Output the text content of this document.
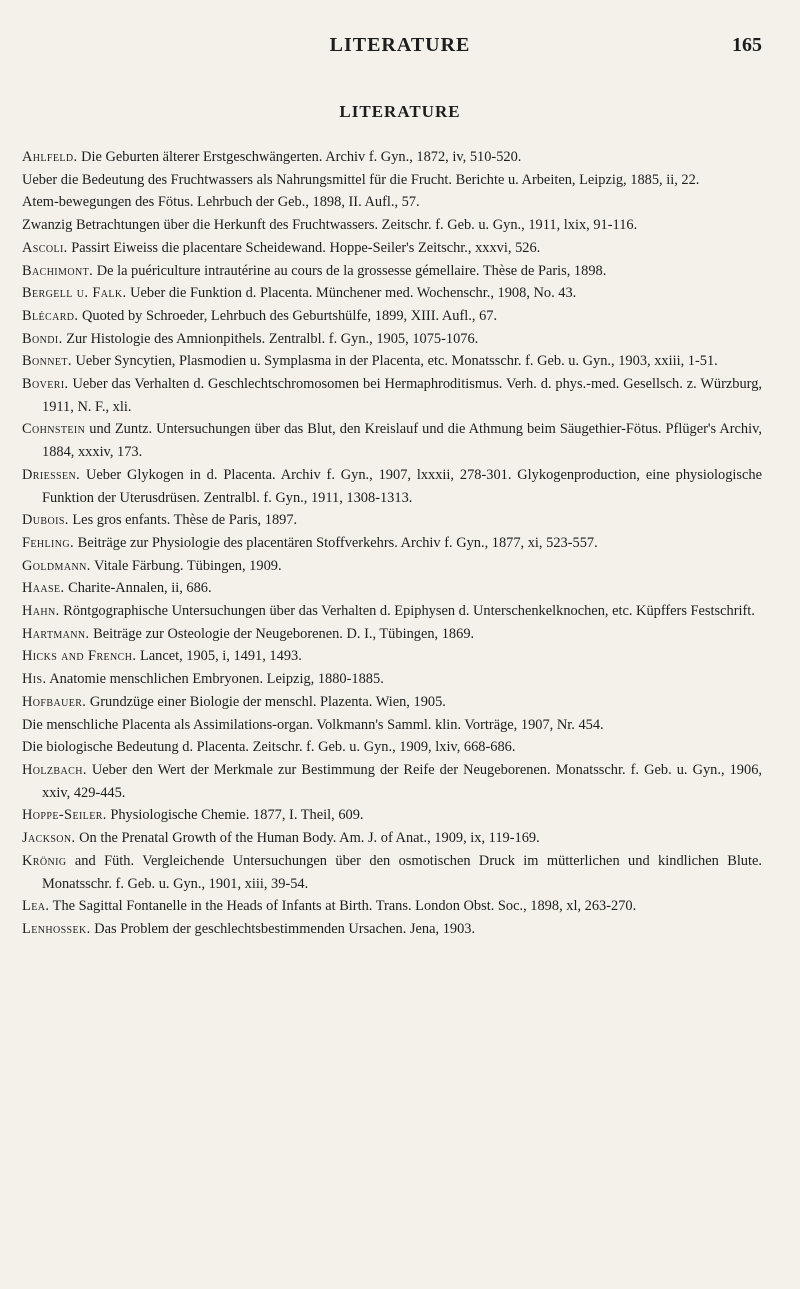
LITERATURE	165
LITERATURE
Ahlfeld. Die Geburten älterer Erstgeschwängerten. Archiv f. Gyn., 1872, iv, 510-520.
Ueber die Bedeutung des Fruchtwassers als Nahrungsmittel für die Frucht. Berichte u. Arbeiten, Leipzig, 1885, ii, 22.
Atem-bewegungen des Fötus. Lehrbuch der Geb., 1898, II. Aufl., 57.
Zwanzig Betrachtungen über die Herkunft des Fruchtwassers. Zeitschr. f. Geb. u. Gyn., 1911, lxix, 91-116.
Ascoli. Passirt Eiweiss die placentare Scheidewand. Hoppe-Seiler's Zeitschr., xxxvi, 526.
Bachimont. De la puériculture intrautérine au cours de la grossesse gémellaire. Thèse de Paris, 1898.
Bergell u. Falk. Ueber die Funktion d. Placenta. Münchener med. Wochenschr., 1908, No. 43.
Blécard. Quoted by Schroeder, Lehrbuch des Geburtshülfe, 1899, XIII. Aufl., 67.
Bondi. Zur Histologie des Amnionpithels. Zentralbl. f. Gyn., 1905, 1075-1076.
Bonnet. Ueber Syncytien, Plasmodien u. Symplasma in der Placenta, etc. Monatsschr. f. Geb. u. Gyn., 1903, xxiii, 1-51.
Boveri. Ueber das Verhalten d. Geschlechtschromosomen bei Hermaphroditismus. Verh. d. phys.-med. Gesellsch. z. Würzburg, 1911, N. F., xli.
Cohnstein und Zuntz. Untersuchungen über das Blut, den Kreislauf und die Athmung beim Säugethier-Fötus. Pflüger's Archiv, 1884, xxxiv, 173.
Driessen. Ueber Glykogen in d. Placenta. Archiv f. Gyn., 1907, lxxxii, 278-301. Glykogenproduction, eine physiologische Funktion der Uterusdrüsen. Zentralbl. f. Gyn., 1911, 1308-1313.
Dubois. Les gros enfants. Thèse de Paris, 1897.
Fehling. Beiträge zur Physiologie des placentären Stoffverkehrs. Archiv f. Gyn., 1877, xi, 523-557.
Goldmann. Vitale Färbung. Tübingen, 1909.
Haase. Charite-Annalen, ii, 686.
Hahn. Röntgographische Untersuchungen über das Verhalten d. Epiphysen d. Unterschenkelknochen, etc. Küpffers Festschrift.
Hartmann. Beiträge zur Osteologie der Neugeborenen. D. I., Tübingen, 1869.
Hicks and French. Lancet, 1905, i, 1491, 1493.
His. Anatomie menschlichen Embryonen. Leipzig, 1880-1885.
Hofbauer. Grundzüge einer Biologie der menschl. Plazenta. Wien, 1905.
Die menschliche Placenta als Assimilations-organ. Volkmann's Samml. klin. Vorträge, 1907, Nr. 454.
Die biologische Bedeutung d. Placenta. Zeitschr. f. Geb. u. Gyn., 1909, lxiv, 668-686.
Holzbach. Ueber den Wert der Merkmale zur Bestimmung der Reife der Neugeborenen. Monatsschr. f. Geb. u. Gyn., 1906, xxiv, 429-445.
Hoppe-Seiler. Physiologische Chemie. 1877, I. Theil, 609.
Jackson. On the Prenatal Growth of the Human Body. Am. J. of Anat., 1909, ix, 119-169.
Krönig and Füth. Vergleichende Untersuchungen über den osmotischen Druck im mütterlichen und kindlichen Blute. Monatsschr. f. Geb. u. Gyn., 1901, xiii, 39-54.
Lea. The Sagittal Fontanelle in the Heads of Infants at Birth. Trans. London Obst. Soc., 1898, xl, 263-270.
Lenhossek. Das Problem der geschlechtsbestimmenden Ursachen. Jena, 1903.
